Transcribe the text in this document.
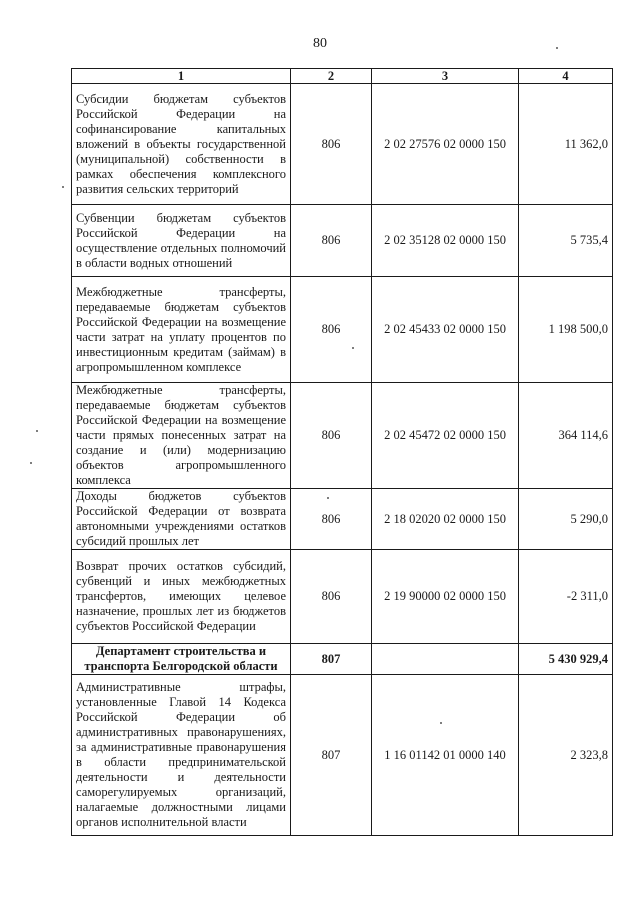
80
1	2	3	4
Субсидии бюджетам субъектов Российской Федерации на софинансирование капитальных вложений в объекты государственной (муниципальной) собственности в рамках обеспечения комплексного развития сельских территорий	806	2 02 27576 02 0000 150	11 362,0
Субвенции бюджетам субъектов Российской Федерации на осуществление отдельных полномочий в области водных отношений	806	2 02 35128 02 0000 150	5 735,4
Межбюджетные трансферты, передаваемые бюджетам субъектов Российской Федерации на возмещение части затрат на уплату процентов по инвестиционным кредитам (займам) в агропромышленном комплексе	806	2 02 45433 02 0000 150	1 198 500,0
Межбюджетные трансферты, передаваемые бюджетам субъектов Российской Федерации на возмещение части прямых понесенных затрат на создание и (или) модернизацию объектов агропромышленного комплекса	806	2 02 45472 02 0000 150	364 114,6
Доходы бюджетов субъектов Российской Федерации от возврата автономными учреждениями остатков субсидий прошлых лет	806	2 18 02020 02 0000 150	5 290,0
Возврат прочих остатков субсидий, субвенций и иных межбюджетных трансфертов, имеющих целевое назначение, прошлых лет из бюджетов субъектов Российской Федерации	806	2 19 90000 02 0000 150	-2 311,0
Департамент строительства и транспорта Белгородской области	807		5 430 929,4
Административные штрафы, установленные Главой 14 Кодекса Российской Федерации об административных правонарушениях, за административные правонарушения в области предпринимательской деятельности и деятельности саморегулируемых организаций, налагаемые должностными лицами органов исполнительной власти	807	1 16 01142 01 0000 140	2 323,8
